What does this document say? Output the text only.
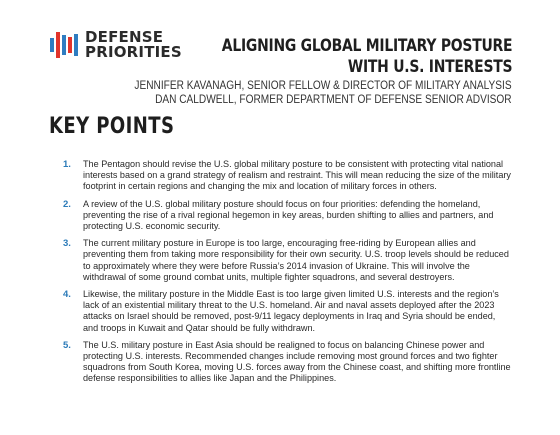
DEFENSE
PRIORITIES ALIGNING GLOBAL MILITARY POSTURE
WITH U.S. INTERESTS
JENNIFER KAVANAGH, SENIOR FELLOW & DIRECTOR OF MILITARY ANALYSIS
DAN CALDWELL, FORMER DEPARTMENT OF DEFENSE SENIOR ADVISOR
KEY POINTS
1.	The Pentagon should revise the U.S. global military posture to be consistent with protecting vital national interests based on a grand strategy of realism and restraint. This will mean reducing the size of the military footprint in certain regions and changing the mix and location of military forces in others.
2.	A review of the U.S. global military posture should focus on four priorities: defending the homeland, preventing the rise of a rival regional hegemon in key areas, burden shifting to allies and partners, and protecting U.S. economic security.
3.	The current military posture in Europe is too large, encouraging free-riding by European allies and preventing them from taking more responsibility for their own security. U.S. troop levels should be reduced to approximately where they were before Russia’s 2014 invasion of Ukraine. This will involve the withdrawal of some ground combat units, multiple fighter squadrons, and several destroyers.
4.	Likewise, the military posture in the Middle East is too large given limited U.S. interests and the region’s lack of an existential military threat to the U.S. homeland. Air and naval assets deployed after the 2023 attacks on Israel should be removed, post-9/11 legacy deployments in Iraq and Syria should be ended, and troops in Kuwait and Qatar should be fully withdrawn.
5.	The U.S. military posture in East Asia should be realigned to focus on balancing Chinese power and protecting U.S. interests. Recommended changes include removing most ground forces and two fighter squadrons from South Korea, moving U.S. forces away from the Chinese coast, and shifting more frontline defense responsibilities to allies like Japan and the Philippines.
